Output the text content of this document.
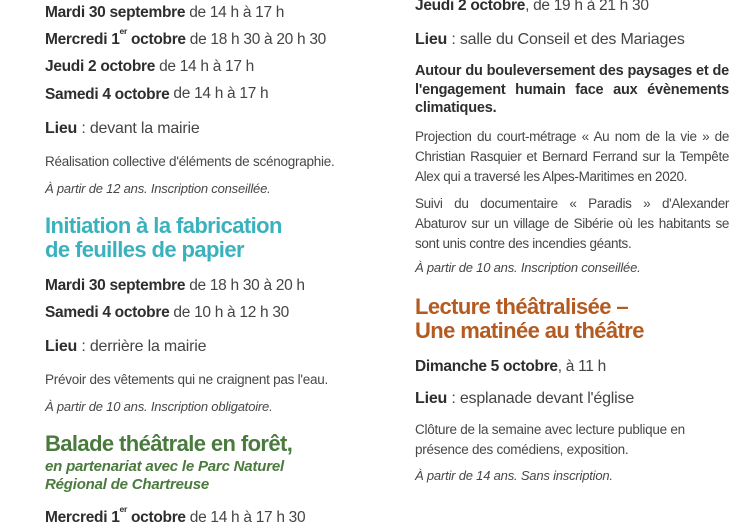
Mardi 30 septembre de 14 h à 17 h

Mercredi 1er octobre de 18 h 30 à 20 h 30

Jeudi 2 octobre de 14 h à 17 h

Samedi 4 octobre de 14 h à 17 h

Lieu : devant la mairie

Réalisation collective d'éléments de scénographie.

À partir de 12 ans. Inscription conseillée.

Initiation à la fabrication
de feuilles de papier

Mardi 30 septembre de 18 h 30 à 20 h

Samedi 4 octobre de 10 h à 12 h 30

Lieu : derrière la mairie

Prévoir des vêtements qui ne craignent pas l'eau.

À partir de 10 ans. Inscription obligatoire.

Balade théâtrale en forêt,

en partenariat avec le Parc Naturel
Régional de Chartreuse

Mercredi 1er octobre de 14 h à 17 h 30

Jeudi 2 octobre, de 19 h à 21 h 30

Lieu : salle du Conseil et des Mariages

Autour du bouleversement des paysages et de l'engagement humain face aux évènements climatiques.

Projection du court-métrage « Au nom de la vie » de Christian Rasquier et Bernard Ferrand sur la Tempête Alex qui a traversé les Alpes-Maritimes en 2020.

Suivi du documentaire « Paradis » d'Alexander Abaturov sur un village de Sibérie où les habitants se sont unis contre des incendies géants.

À partir de 10 ans. Inscription conseillée.

Lecture théâtralisée –
Une matinée au théâtre

Dimanche 5 octobre, à 11 h

Lieu : esplanade devant l'église

Clôture de la semaine avec lecture publique en présence des comédiens, exposition.

À partir de 14 ans. Sans inscription.
